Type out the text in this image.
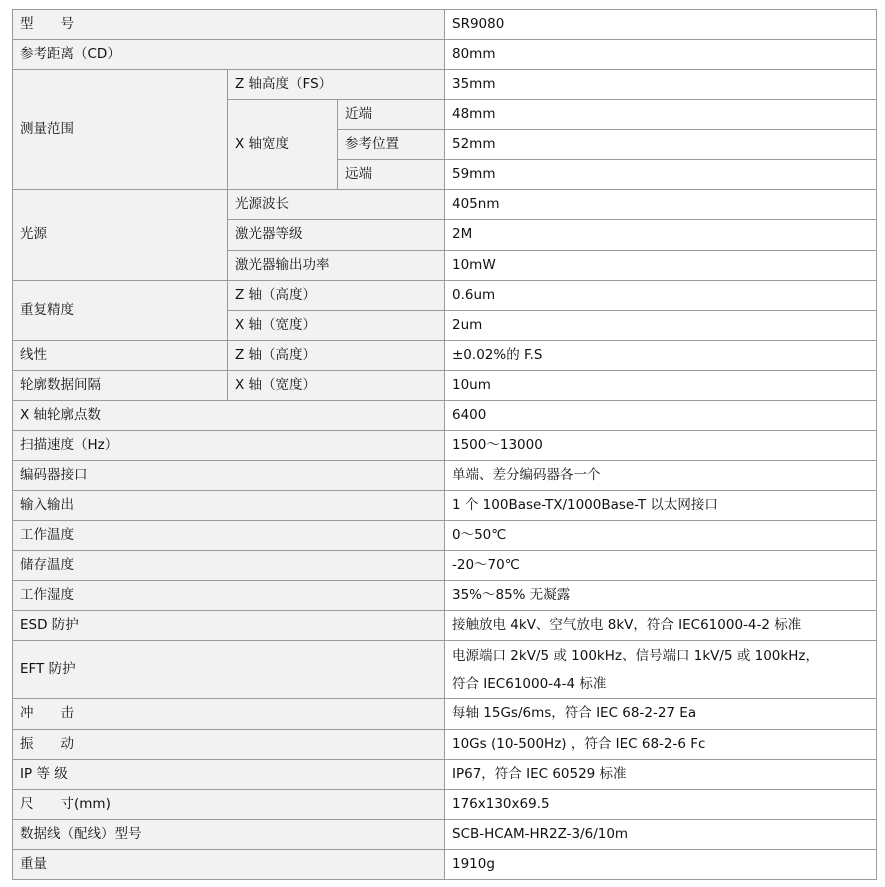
型　　号			SR9080
参考距离（CD）			80mm
测量范围	Z 轴高度（FS）		35mm
	X 轴宽度	近端	48mm
		参考位置	52mm
		远端	59mm
光源	光源波长		405nm
	激光器等级		2M
	激光器输出功率		10mW
重复精度	Z 轴（高度）		0.6um
	X 轴（宽度）		2um
线性	Z 轴（高度）		±0.02%的 F.S
轮廓数据间隔	X 轴（宽度）		10um
X 轴轮廓点数			6400
扫描速度（Hz）			1500～13000
编码器接口			单端、差分编码器各一个
输入输出			1 个 100Base-TX/1000Base-T 以太网接口
工作温度			0～50℃
储存温度			-20～70℃
工作湿度			35%～85% 无凝露
ESD 防护			接触放电 4kV、空气放电 8kV，符合 IEC61000-4-2 标准
EFT 防护			电源端口 2kV/5 或 100kHz、信号端口 1kV/5 或 100kHz，
符合 IEC61000-4-4 标准

冲　　击			每轴 15Gs/6ms，符合 IEC 68-2-27 Ea
振　　动			10Gs (10-500Hz) ，符合 IEC 68-2-6 Fc
IP 等 级			IP67，符合 IEC 60529 标准
尺　　寸(mm)			176x130x69.5
数据线（配线）型号			SCB-HCAM-HR2Z-3/6/10m
重量			1910g
